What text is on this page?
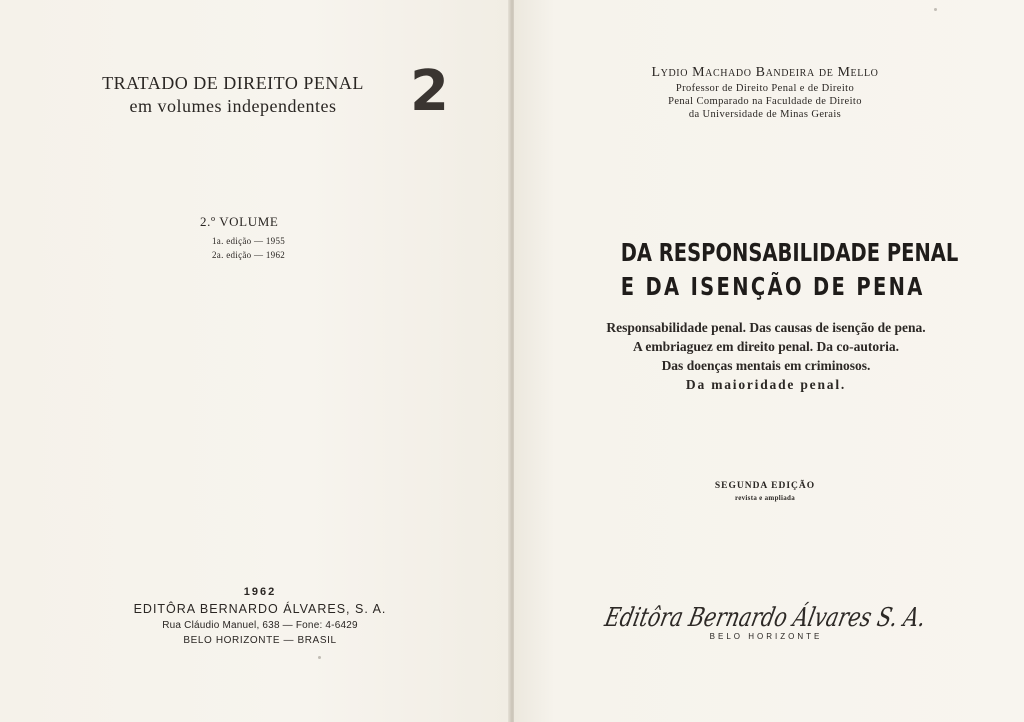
TRATADO DE DIREITO PENAL
em volumes independentes	2
2.º VOLUME
1a. edição — 1955
2a. edição — 1962
1962
EDITÔRA BERNARDO ÁLVARES, S. A.
Rua Cláudio Manuel, 638 — Fone: 4-6429
BELO HORIZONTE — BRASIL
Lydio Machado Bandeira de Mello
Professor de Direito Penal e de Direito
Penal Comparado na Faculdade de Direito
da Universidade de Minas Gerais
DA RESPONSABILIDADE PENAL
E DA ISENÇÃO DE PENA
Responsabilidade penal. Das causas de isenção de pena.
A embriaguez em direito penal. Da co-autoria.
Das doenças mentais em criminosos.
Da maioridade penal.
SEGUNDA EDIÇÃO
revista e ampliada
Editôra Bernardo Álvares S. A.
BELO HORIZONTE
